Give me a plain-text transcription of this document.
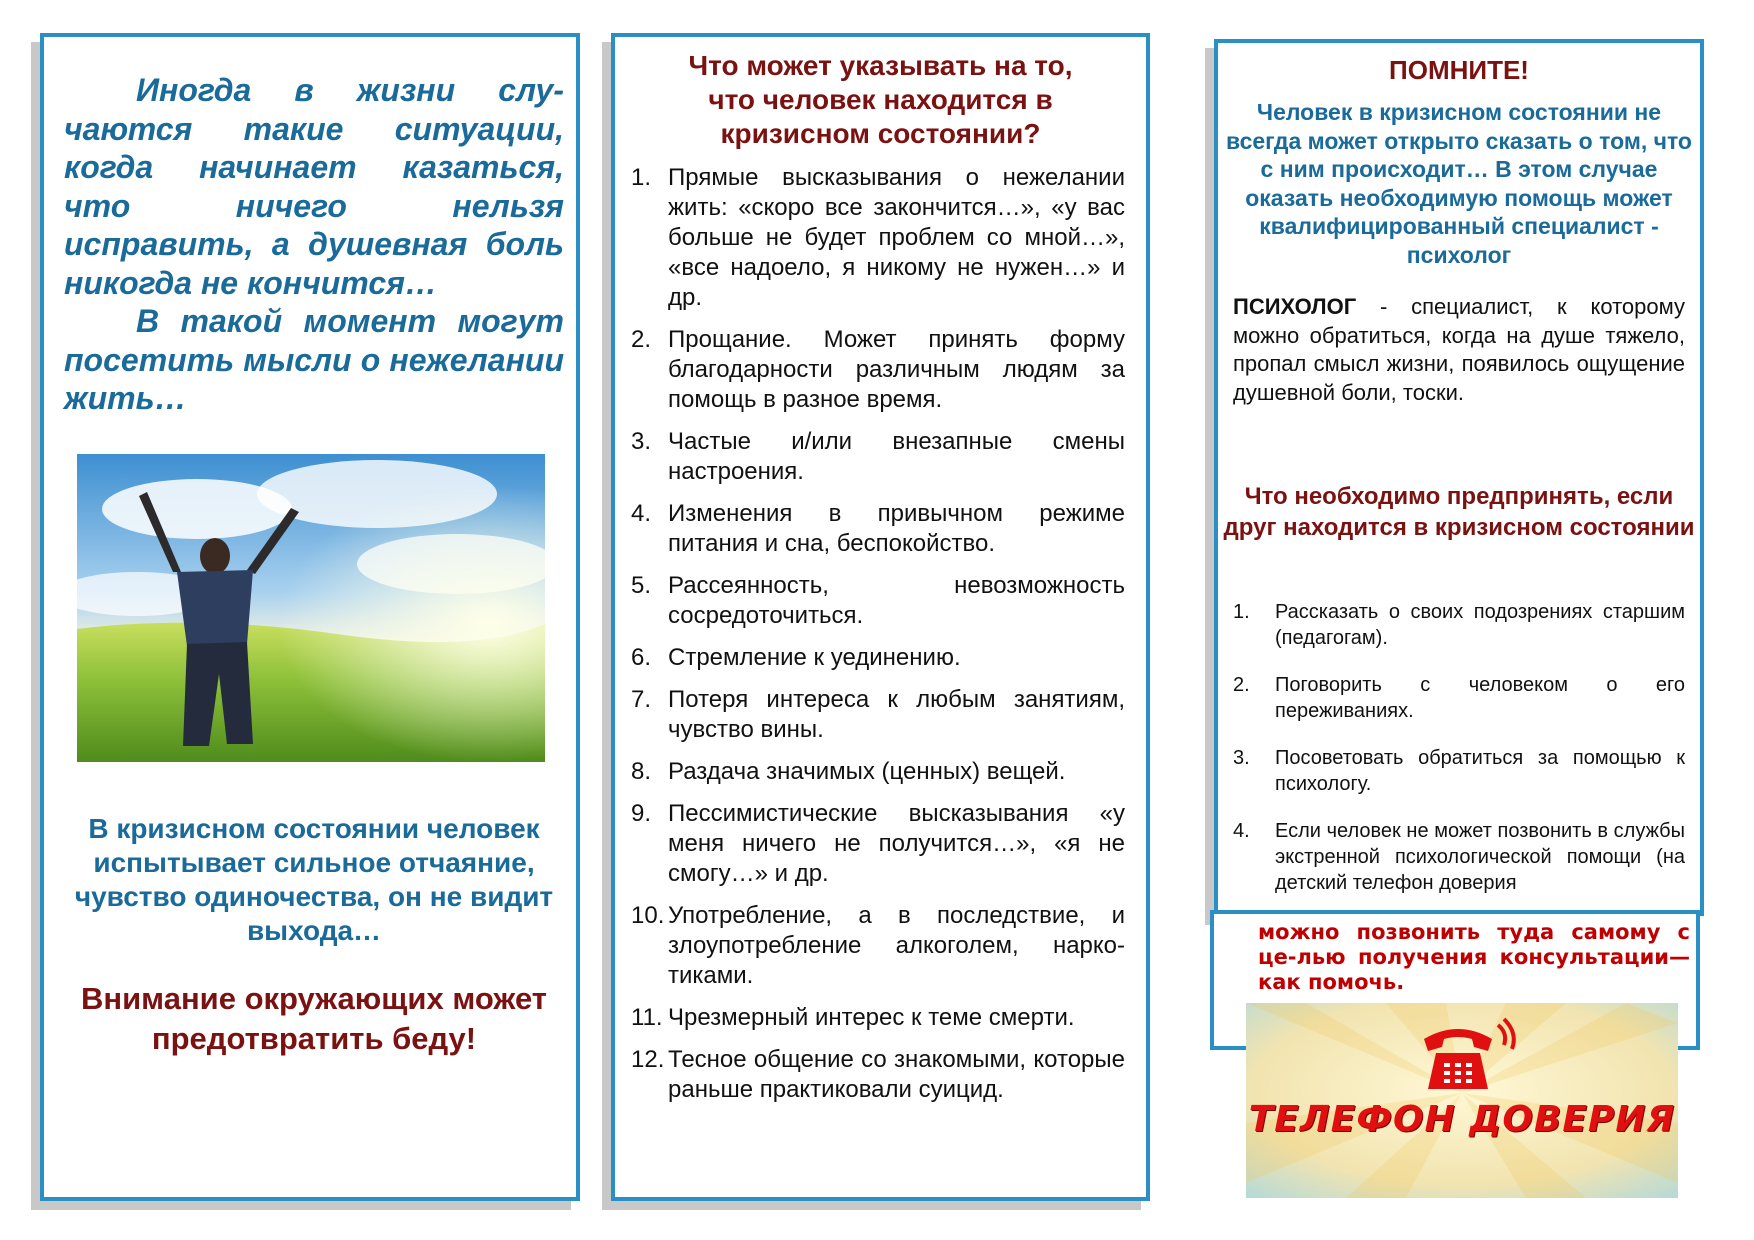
Иногда в жизни слу-чаются такие ситуации, когда начинает казаться, что ничего нельзя исправить, а душевная боль никогда не кончится…

В такой момент могут посетить мысли о нежелании жить…

В кризисном состоянии человек испытывает сильное отчаяние, чувство одиночества, он не видит выхода…
Внимание окружающих может предотвратить беду!
Что может указывать на то,
что человек находится в
кризисном состоянии?
1. Прямые высказывания о нежелании жить: «скоро все закончится…», «у вас больше не будет проблем со мной…», «все надоело, я никому не нужен…» и др.
2. Прощание. Может принять форму благодарности различным людям за помощь в разное время.
3. Частые и/или внезапные смены настроения.
4. Изменения в привычном режиме питания и сна, беспокойство.
5. Рассеянность, невозможность сосредоточиться.
6. Стремление к уединению.
7. Потеря интереса к любым занятиям, чувство вины.
8. Раздача значимых (ценных) вещей.
9. Пессимистические высказывания «у меня ничего не получится…», «я не смогу…» и др.
10. Употребление, а в последствие, и злоупотребление алкоголем, нарко-тиками.
11. Чрезмерный интерес к теме смерти.
12. Тесное общение со знакомыми, которые раньше практиковали суицид.
ПОМНИТЕ!
Человек в кризисном состоянии не всегда может открыто сказать о том, что с ним происходит… В этом случае оказать необходимую помощь может квалифицированный специалист - психолог
ПСИХОЛОГ - специалист, к которому можно обратиться, когда на душе тяжело, пропал смысл жизни, появилось ощущение душевной боли, тоски.
Что необходимо предпринять, если друг находится в кризисном состоянии
1. Рассказать о своих подозрениях старшим (педагогам).
2. Поговорить с человеком о его переживаниях.
3. Посоветовать обратиться за помощью к психологу.
4. Если человек не может позвонить в службы экстренной психологической помощи (на детский телефон доверия
можно позвонить туда самому с це-лью получения консультации—как помочь.
ТЕЛЕФОН ДОВЕРИЯ
